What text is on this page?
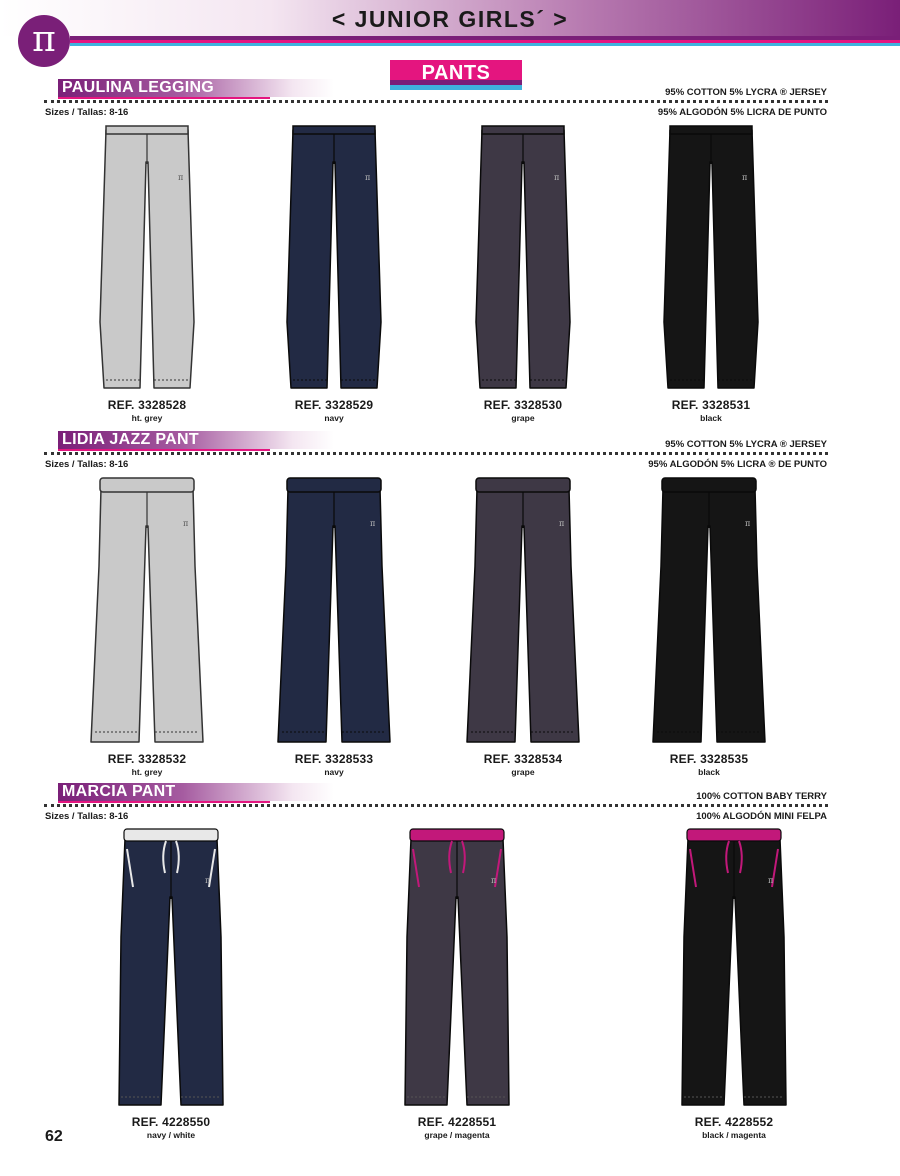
< JUNIOR GIRLS´ >
π
PANTS
PAULINA LEGGING	95% COTTON 5% LYCRA ® JERSEY
95% ALGODÓN 5% LICRA DE PUNTO
Sizes / Tallas: 8-16
π
REF. 3328528
ht. grey
π
REF. 3328529
navy
π
REF. 3328530
grape
π
REF. 3328531
black
LIDIA JAZZ PANT	95% COTTON 5% LYCRA ® JERSEY
95% ALGODÓN 5% LICRA ® DE PUNTO
Sizes / Tallas: 8-16
π
REF. 3328532
ht. grey
π
REF. 3328533
navy
π
REF. 3328534
grape
π
REF. 3328535
black
MARCIA PANT	100% COTTON BABY TERRY
100% ALGODÓN MINI FELPA
Sizes / Tallas: 8-16
π
REF. 4228550
navy / white
π
REF. 4228551
grape / magenta
π
REF. 4228552
black / magenta
62
